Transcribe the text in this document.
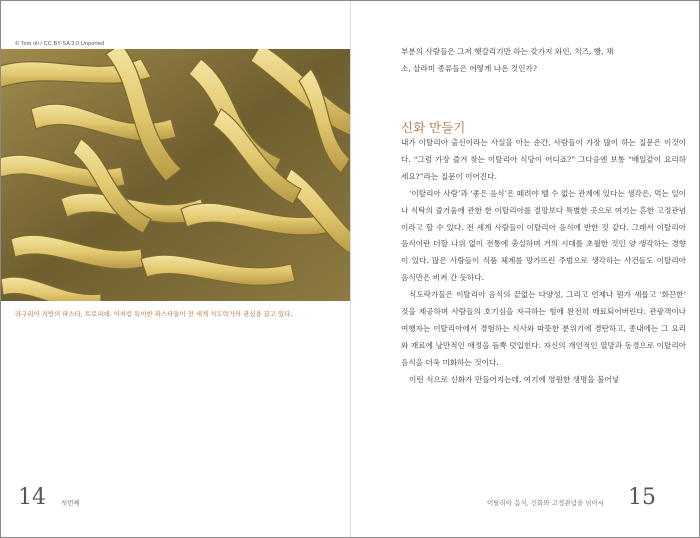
© Tom oli / CC BY-SA 3.0 Unported
라구리아 지방의 파스타, 트로피에. 이처럼 특이한 파스타들이 전 세계 식도락가의 관심을 끌고 있다.
14 첫번째
부분의 사람들은 그저 햇갈리기만 하는 갖가지 와인, 치즈, 빵, 채
소, 살라미 종류들은 어떻게 나온 것인가?
신화 만들기

내가 이탈리아 출신이라는 사실을 아는 순간, 사람들이 가장 많이 하는 질문은 이것이다. “그럼 가장 즐겨 찾는 이탈리아 식당이 어디죠?” 그다음엔 보통 “배일같이 요리하세요?”라는 질문이 이어진다.

‘이탈리아 사람’과 ‘좋은 음식’은 떼려야 뗄 수 없는 관계에 있다는 생각은, 먹는 일이나 식탁의 즐거움에 관한 한 이탈리아를 절망보다 특별한 곳으로 여기는 흔한 고정관념이라고 할 수 있다. 전 세계 사람들이 이탈리아 음식에 반한 것 같다. 그래서 이탈리아 음식이란 더할 나위 없이 전통에 충실하며 거의 시대를 초월한 것인 양 생각하는 경향이 있다. 많은 사람들이 식품 체계를 망가뜨린 주범으로 생각하는 사건들도 이탈리아 음식만은 비켜 간 듯하다.

식도락가들은 이탈리아 음식의 끝없는 다양성, 그리고 언제나 뭔가 새롭고 ‘화끈한’ 것을 제공하며 사람들의 호기심을 자극하는 힘에 완전히 매료되어버린다. 관광객이나 여행자는 이탈리아에서 경험하는 식사와 따뜻한 분위기에 경탄하고, 종내에는 그 요리와 재료에 낭만적인 애정을 듬뿍 덧입힌다. 자신의 개인적인 열망과 동경으로 이탈리아 음식을 더욱 미화하는 것이다.

이런 식으로 신화가 만들어지는데, 여기에 영원한 생명을 불어넣

이탈리아 음식, 신화와 고정관념을 넘어서 15
